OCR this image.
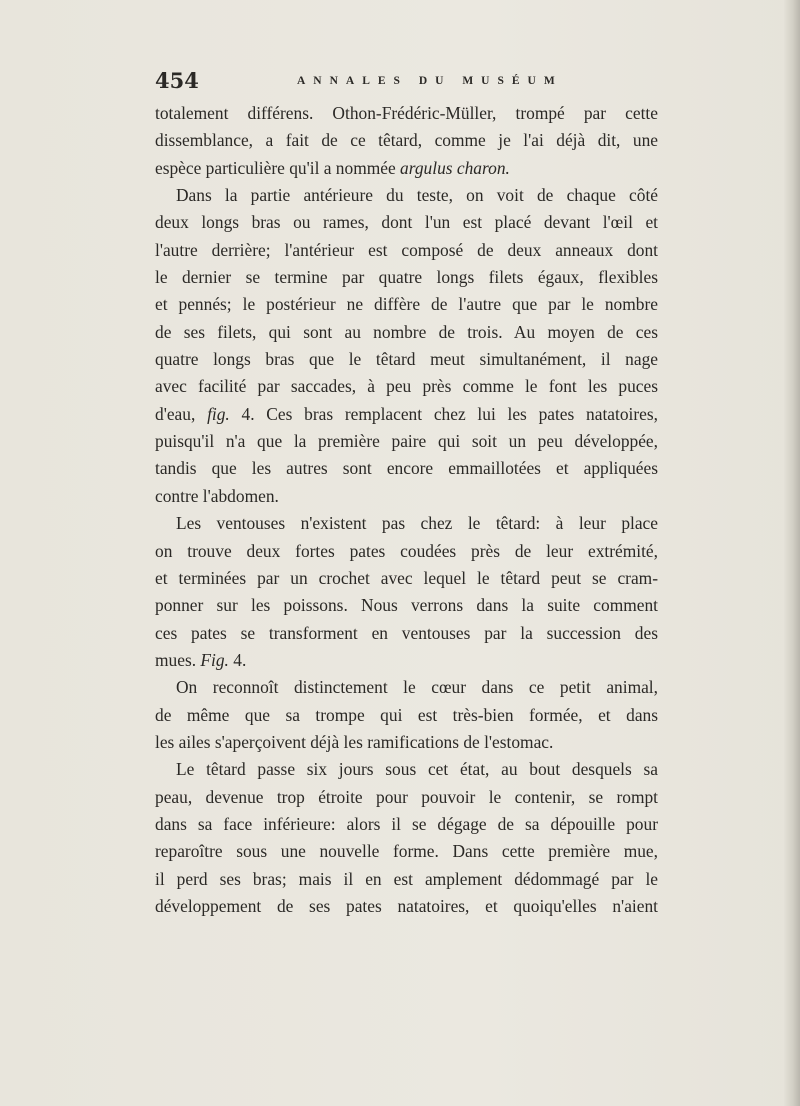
454	ANNALES DU MUSÉUM
totalement différens. Othon-Frédéric-Müller, trompé par cette
dissemblance, a fait de ce têtard, comme je l'ai déjà dit, une
espèce particulière qu'il a nommée argulus charon.
Dans la partie antérieure du teste, on voit de chaque côté
deux longs bras ou rames, dont l'un est placé devant l'œil et
l'autre derrière; l'antérieur est composé de deux anneaux dont
le dernier se termine par quatre longs filets égaux, flexibles
et pennés; le postérieur ne diffère de l'autre que par le nombre
de ses filets, qui sont au nombre de trois. Au moyen de ces
quatre longs bras que le têtard meut simultanément, il nage
avec facilité par saccades, à peu près comme le font les puces
d'eau, fig. 4. Ces bras remplacent chez lui les pates natatoires,
puisqu'il n'a que la première paire qui soit un peu développée,
tandis que les autres sont encore emmaillotées et appliquées
contre l'abdomen.
Les ventouses n'existent pas chez le têtard: à leur place
on trouve deux fortes pates coudées près de leur extrémité,
et terminées par un crochet avec lequel le têtard peut se cram-
ponner sur les poissons. Nous verrons dans la suite comment
ces pates se transforment en ventouses par la succession des
mues. Fig. 4.
On reconnoît distinctement le cœur dans ce petit animal,
de même que sa trompe qui est très-bien formée, et dans
les ailes s'aperçoivent déjà les ramifications de l'estomac.
Le têtard passe six jours sous cet état, au bout desquels sa
peau, devenue trop étroite pour pouvoir le contenir, se rompt
dans sa face inférieure: alors il se dégage de sa dépouille pour
reparoître sous une nouvelle forme. Dans cette première mue,
il perd ses bras; mais il en est amplement dédommagé par le
développement de ses pates natatoires, et quoiqu'elles n'aient
